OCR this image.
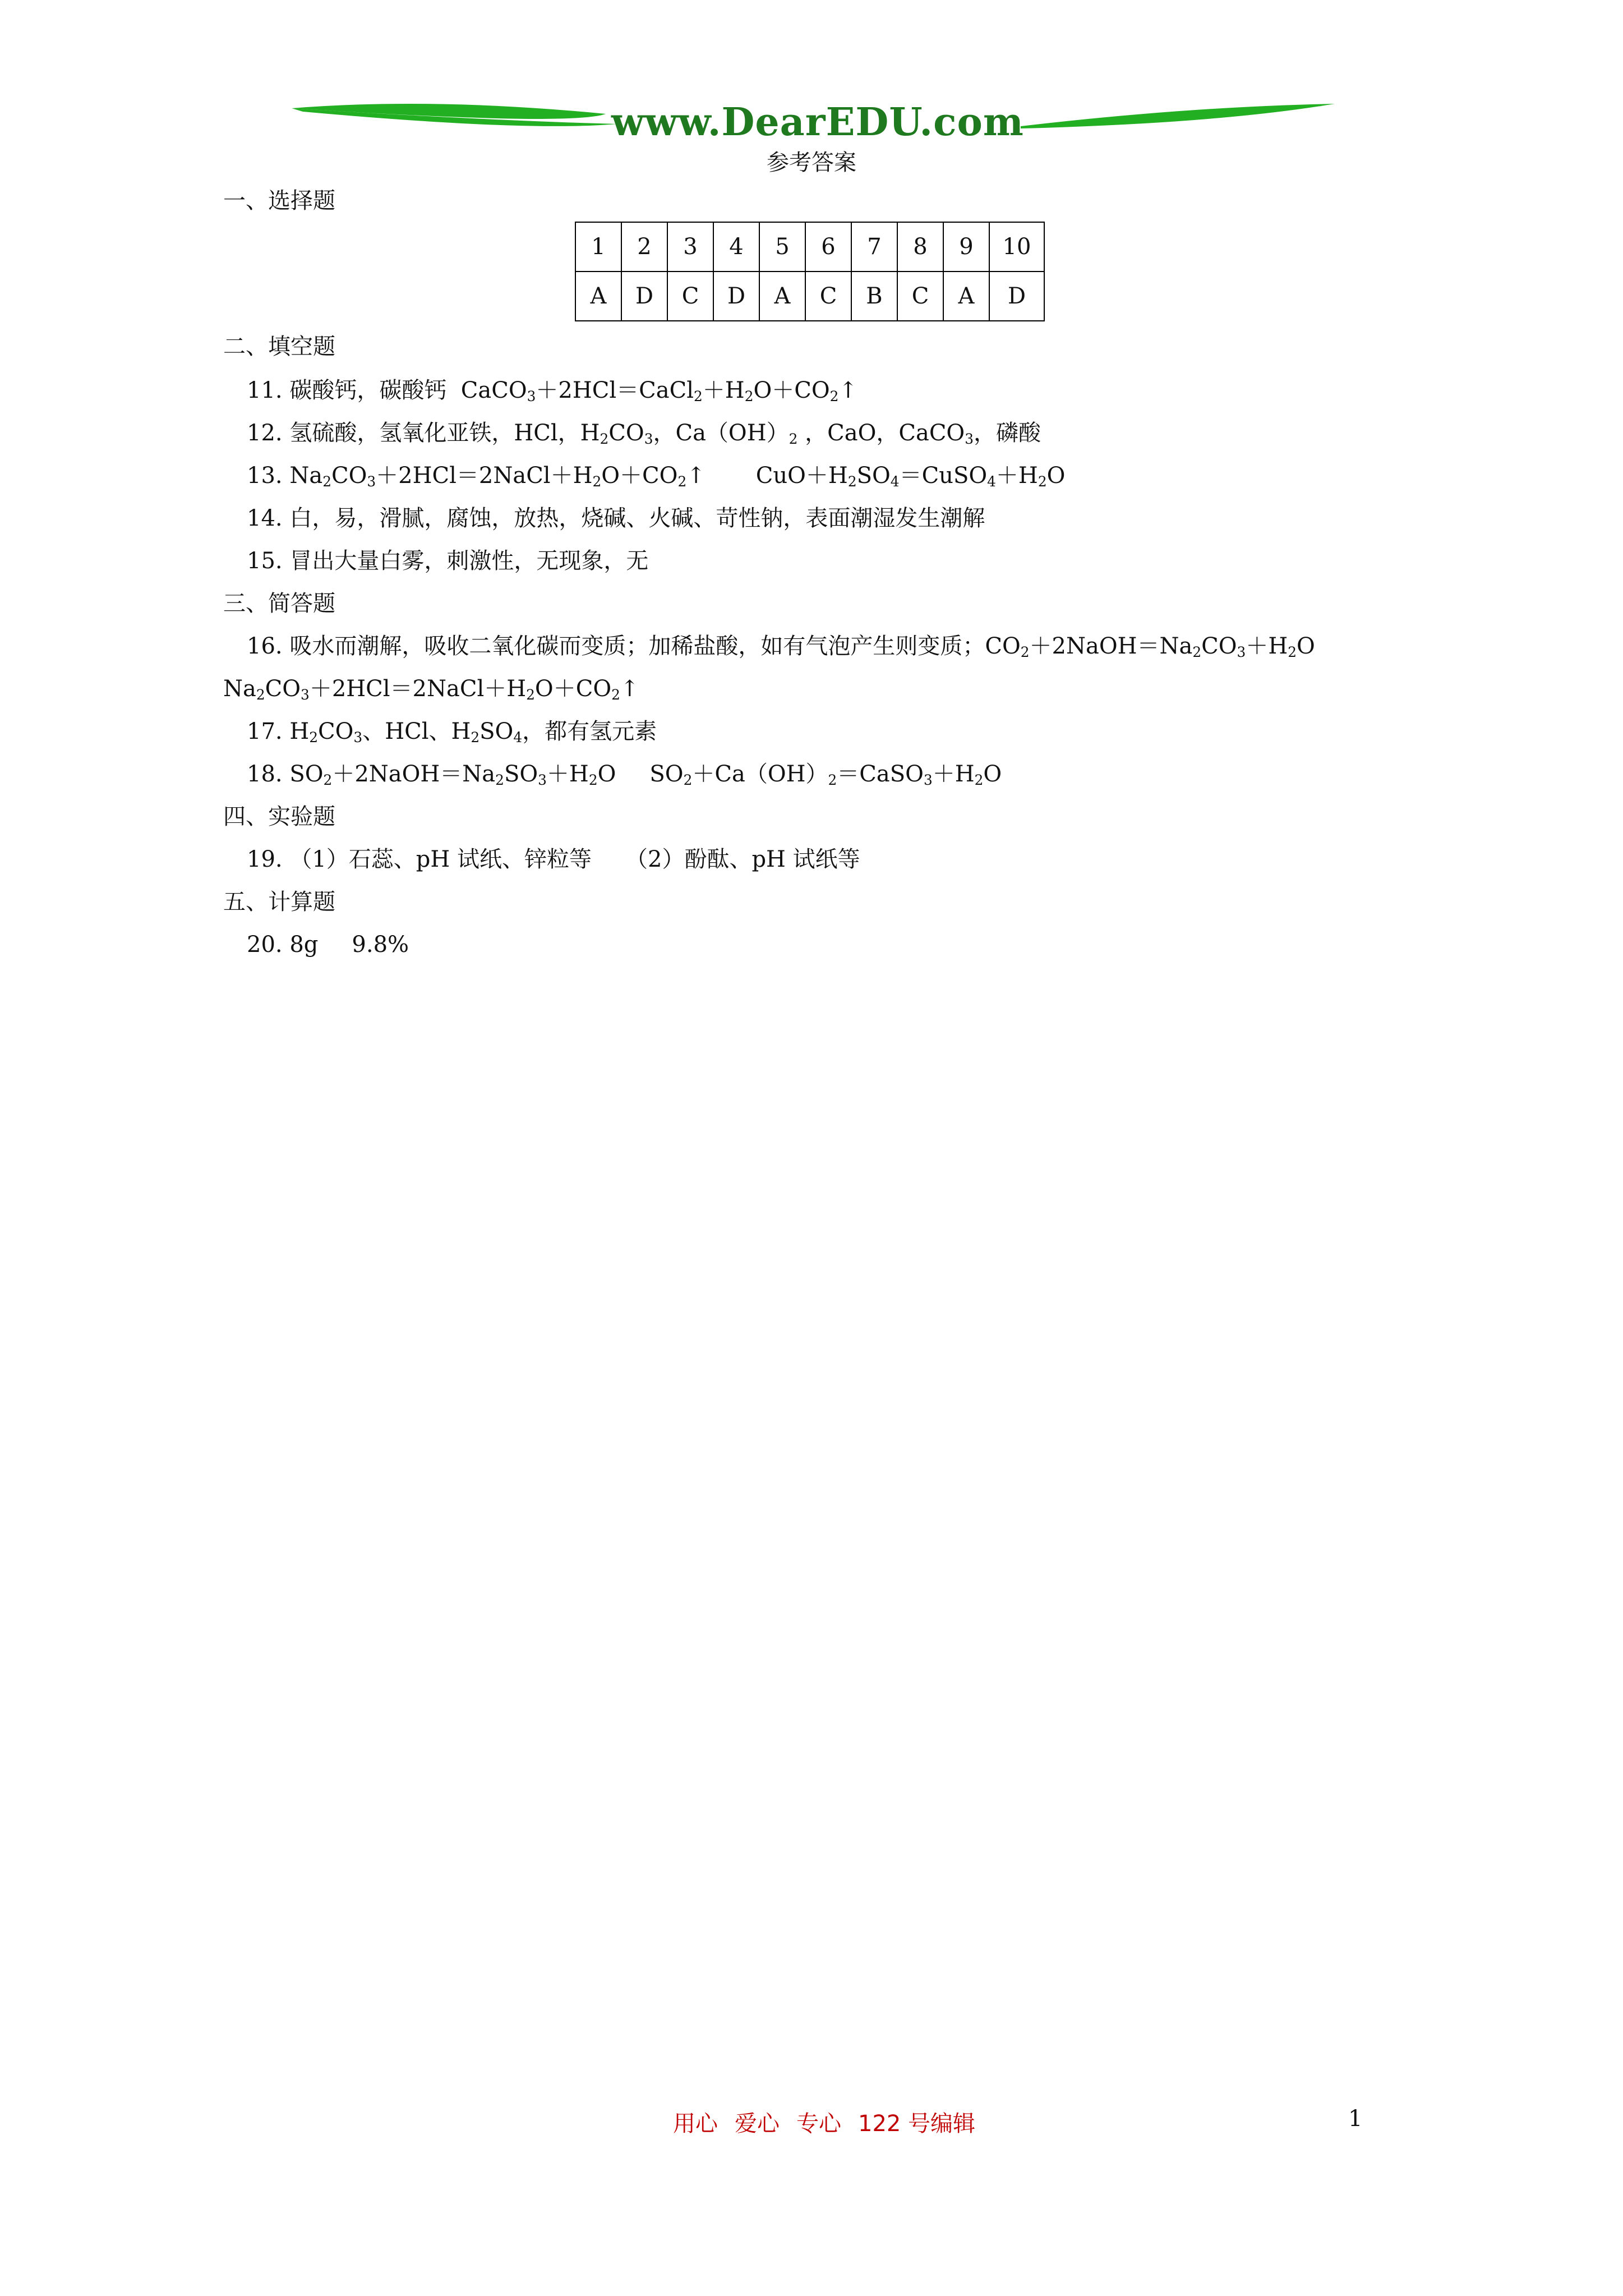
www.DearEDU.com
参考答案
一、选择题
1	2	3	4	5	6	7	8	9	10
A	D	C	D	A	C	B	C	A	D
二、填空题
11. 碳酸钙，碳酸钙 $CaCO_3+2HCl=CaCl_2+H_2O+CO_2↑$
12. 氢硫酸，氢氧化亚铁，HCl，$H_2CO_3$，$Ca(OH)_2$ ，CaO，CaCO$_3$，磷酸
13. $Na_2CO_3+2HCl=2NaCl+H_2O+CO_2↑$ $CuO+H_2SO_4=CuSO_4+H_2O$
14. 白，易，滑腻，腐蚀，放热，烧碱、火碱、苛性钠，表面潮湿发生潮解
15. 冒出大量白雾，刺激性，无现象，无
三、简答题
16. 吸水而潮解，吸收二氧化碳而变质；加稀盐酸，如有气泡产生则变质；$CO_2+2NaOH=Na_2CO_3+H_2O$
$Na_2CO_3+2HCl=2NaCl+H_2O+CO_2↑$
17. $H_2CO_3$、HCl、$H_2SO_4$，都有氢元素
18. $SO_2+2NaOH=Na_2SO_3+H_2O$ $SO_2+Ca(OH)_2=CaSO_3+H_2O$
四、实验题
19. （1）石蕊、pH 试纸、锌粒等 （2）酚酞、pH 试纸等
五、计算题
20. 8g 9.8%
用心 爱心 专心 122 号编辑	1
